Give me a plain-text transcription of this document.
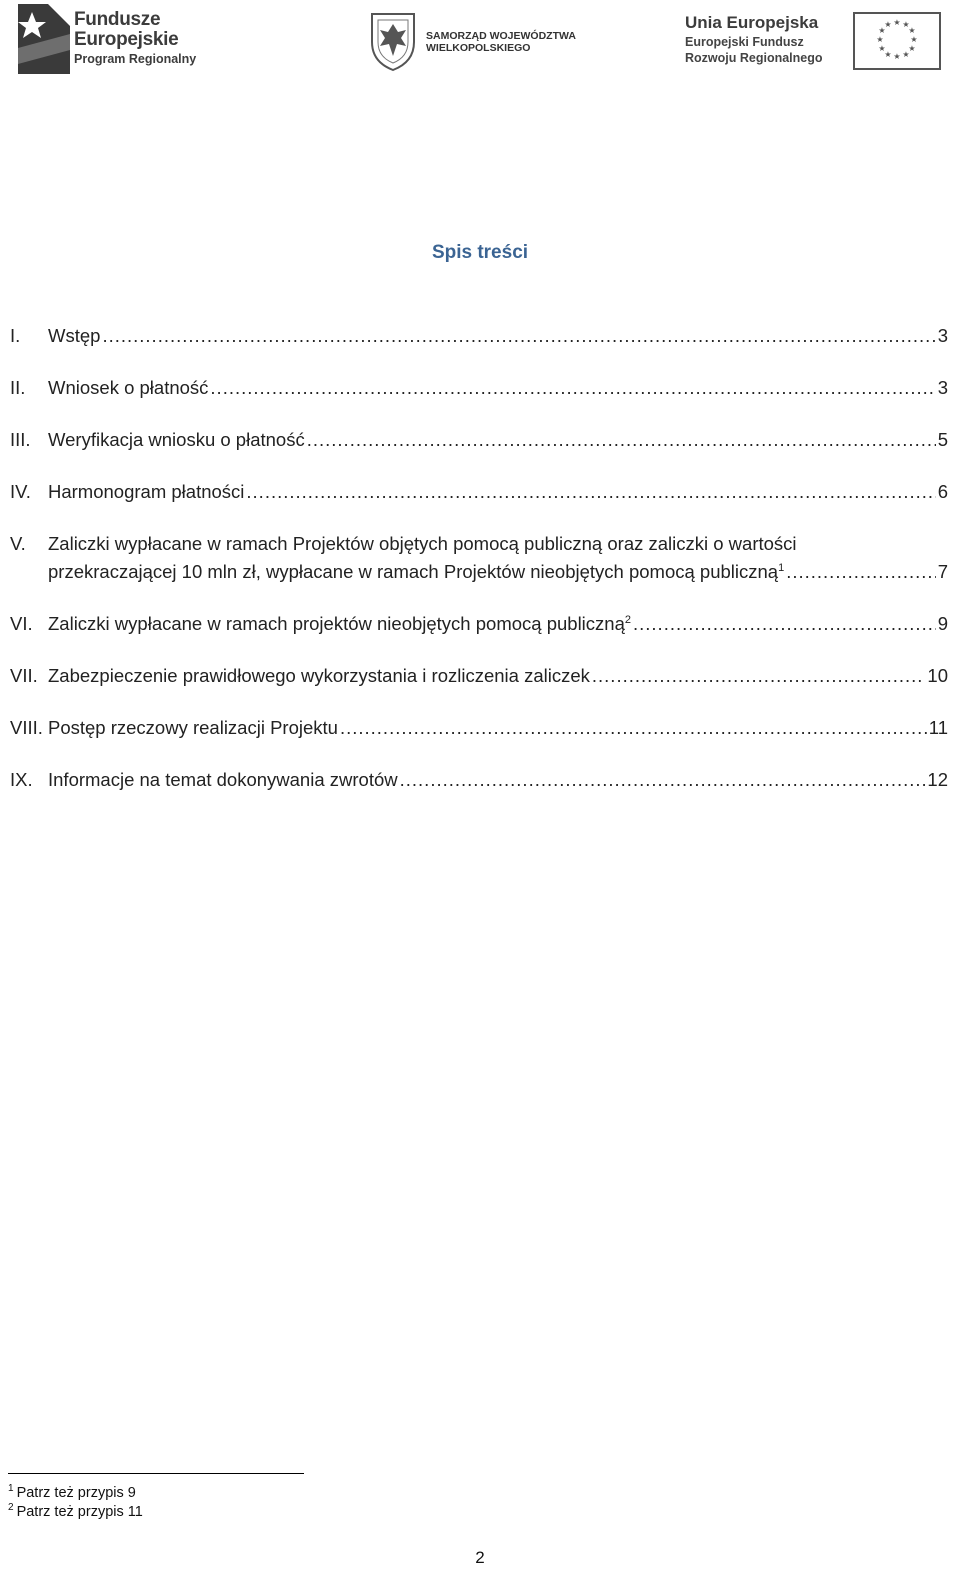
Fundusze
Europejskie
Program Regionalny
SAMORZĄD WOJEWÓDZTWA
WIELKOPOLSKIEGO
Unia Europejska
Europejski Fundusz
Rozwoju Regionalnego
★ ★
★
★
★
★
★
★
★
★
★
★
Spis treści
I. Wstęp .....	3
II. Wniosek o płatność .....	3
III. Weryfikacja wniosku o płatność .....	5
IV. Harmonogram płatności .....	6
V. Zaliczki wypłacane w ramach Projektów objętych pomocą publiczną oraz zaliczki o wartości
przekraczającej 10 mln zł, wypłacane w ramach Projektów nieobjętych pomocą publiczną$^1$ .....	7
VI. Zaliczki wypłacane w ramach projektów nieobjętych pomocą publiczną$^2$ .....	9
VII. Zabezpieczenie prawidłowego wykorzystania i rozliczenia zaliczek .....	10
VIII. Postęp rzeczowy realizacji Projektu .....	11
IX. Informacje na temat dokonywania zwrotów .....	12
$^1$ Patrz też przypis 9
$^2$ Patrz też przypis 11
2
